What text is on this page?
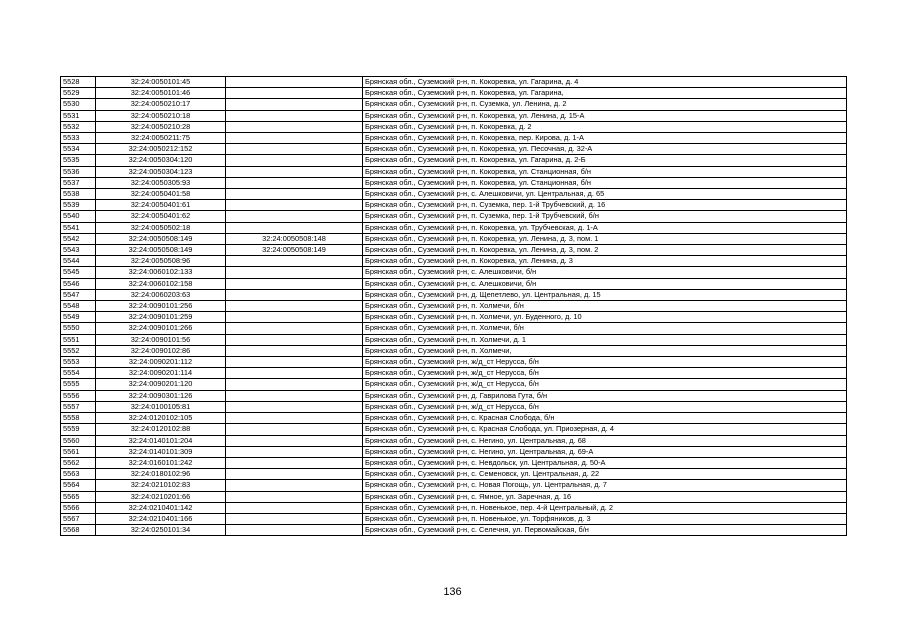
5528	32:24:0050101:45		Брянская обл., Суземский р-н, п. Кокоревка, ул. Гагарина, д. 4
5529	32:24:0050101:46		Брянская обл., Суземский р-н, п. Кокоревка, ул. Гагарина,
5530	32:24:0050210:17		Брянская обл., Суземский р-н, п. Суземка, ул. Ленина, д. 2
5531	32:24:0050210:18		Брянская обл., Суземский р-н, п. Кокоревка, ул. Ленина, д. 15-А
5532	32:24:0050210:28		Брянская обл., Суземский р-н, п. Кокоревка, д. 2
5533	32:24:0050211:75		Брянская обл., Суземский р-н, п. Кокоревка, пер. Кирова, д. 1-А
5534	32:24:0050212:152		Брянская обл., Суземский р-н, п. Кокоревка, ул. Песочная, д. 32-А
5535	32:24:0050304:120		Брянская обл., Суземский р-н, п. Кокоревка, ул. Гагарина, д. 2-Б
5536	32:24:0050304:123		Брянская обл., Суземский р-н, п. Кокоревка, ул. Станционная, б/н
5537	32:24:0050305:93		Брянская обл., Суземский р-н, п. Кокоревка, ул. Станционная, б/н
5538	32:24:0050401:58		Брянская обл., Суземский р-н, с. Алешковичи, ул. Центральная, д. 65
5539	32:24:0050401:61		Брянская обл., Суземский р-н, п. Суземка, пер. 1-й Трубчевский, д. 16
5540	32:24:0050401:62		Брянская обл., Суземский р-н, п. Суземка, пер. 1-й Трубчевский, б/н
5541	32:24:0050502:18		Брянская обл., Суземский р-н, п. Кокоревка, ул. Трубчевская, д. 1-А
5542	32:24:0050508:149	32:24:0050508:148	Брянская обл., Суземский р-н, п. Кокоревка, ул. Ленина, д. 3, пом. 1
5543	32:24:0050508:149	32:24:0050508:149	Брянская обл., Суземский р-н, п. Кокоревка, ул. Ленина, д. 3, пом. 2
5544	32:24:0050508:96		Брянская обл., Суземский р-н, п. Кокоревка, ул. Ленина, д. 3
5545	32:24:0060102:133		Брянская обл., Суземский р-н, с. Алешковичи, б/н
5546	32:24:0060102:158		Брянская обл., Суземский р-н, с. Алешковичи, б/н
5547	32:24:0060203:63		Брянская обл., Суземский р-н, д. Щепетлево, ул. Центральная, д. 15
5548	32:24:0090101:256		Брянская обл., Суземский р-н, п. Холмечи, б/н
5549	32:24:0090101:259		Брянская обл., Суземский р-н, п. Холмечи, ул. Буденного, д. 10
5550	32:24:0090101:266		Брянская обл., Суземский р-н, п. Холмечи, б/н
5551	32:24:0090101:56		Брянская обл., Суземский р-н, п. Холмечи, д. 1
5552	32:24:0090102:86		Брянская обл., Суземский р-н, п. Холмечи,
5553	32:24:0090201:112		Брянская обл., Суземский р-н, ж/д_ст Нерусса, б/н
5554	32:24:0090201:114		Брянская обл., Суземский р-н, ж/д_ст Нерусса, б/н
5555	32:24:0090201:120		Брянская обл., Суземский р-н, ж/д_ст Нерусса, б/н
5556	32:24:0090301:126		Брянская обл., Суземский р-н, д. Гаврилова Гута, б/н
5557	32:24:0100105:81		Брянская обл., Суземский р-н, ж/д_ст Нерусса, б/н
5558	32:24:0120102:105		Брянская обл., Суземский р-н, с. Красная Слобода, б/н
5559	32:24:0120102:88		Брянская обл., Суземский р-н, с. Красная Слобода, ул. Приозерная, д. 4
5560	32:24:0140101:204		Брянская обл., Суземский р-н, с. Негино, ул. Центральная, д. 68
5561	32:24:0140101:309		Брянская обл., Суземский р-н, с. Негино, ул. Центральная, д. 69-А
5562	32:24:0160101:242		Брянская обл., Суземский р-н, с. Невдольск, ул. Центральная, д. 50-А
5563	32:24:0180102:96		Брянская обл., Суземский р-н, с. Семеновск, ул. Центральная, д. 22
5564	32:24:0210102:83		Брянская обл., Суземский р-н, с. Новая Погощь, ул. Центральная, д. 7
5565	32:24:0210201:66		Брянская обл., Суземский р-н, с. Ямное, ул. Заречная, д. 16
5566	32:24:0210401:142		Брянская обл., Суземский р-н, п. Новенькое, пер. 4-й Центральный, д. 2
5567	32:24:0210401:166		Брянская обл., Суземский р-н, п. Новенькое, ул. Торфяников, д. 3
5568	32:24:0250101:34		Брянская обл., Суземский р-н, с. Селечня, ул. Первомайская, б/н
136
